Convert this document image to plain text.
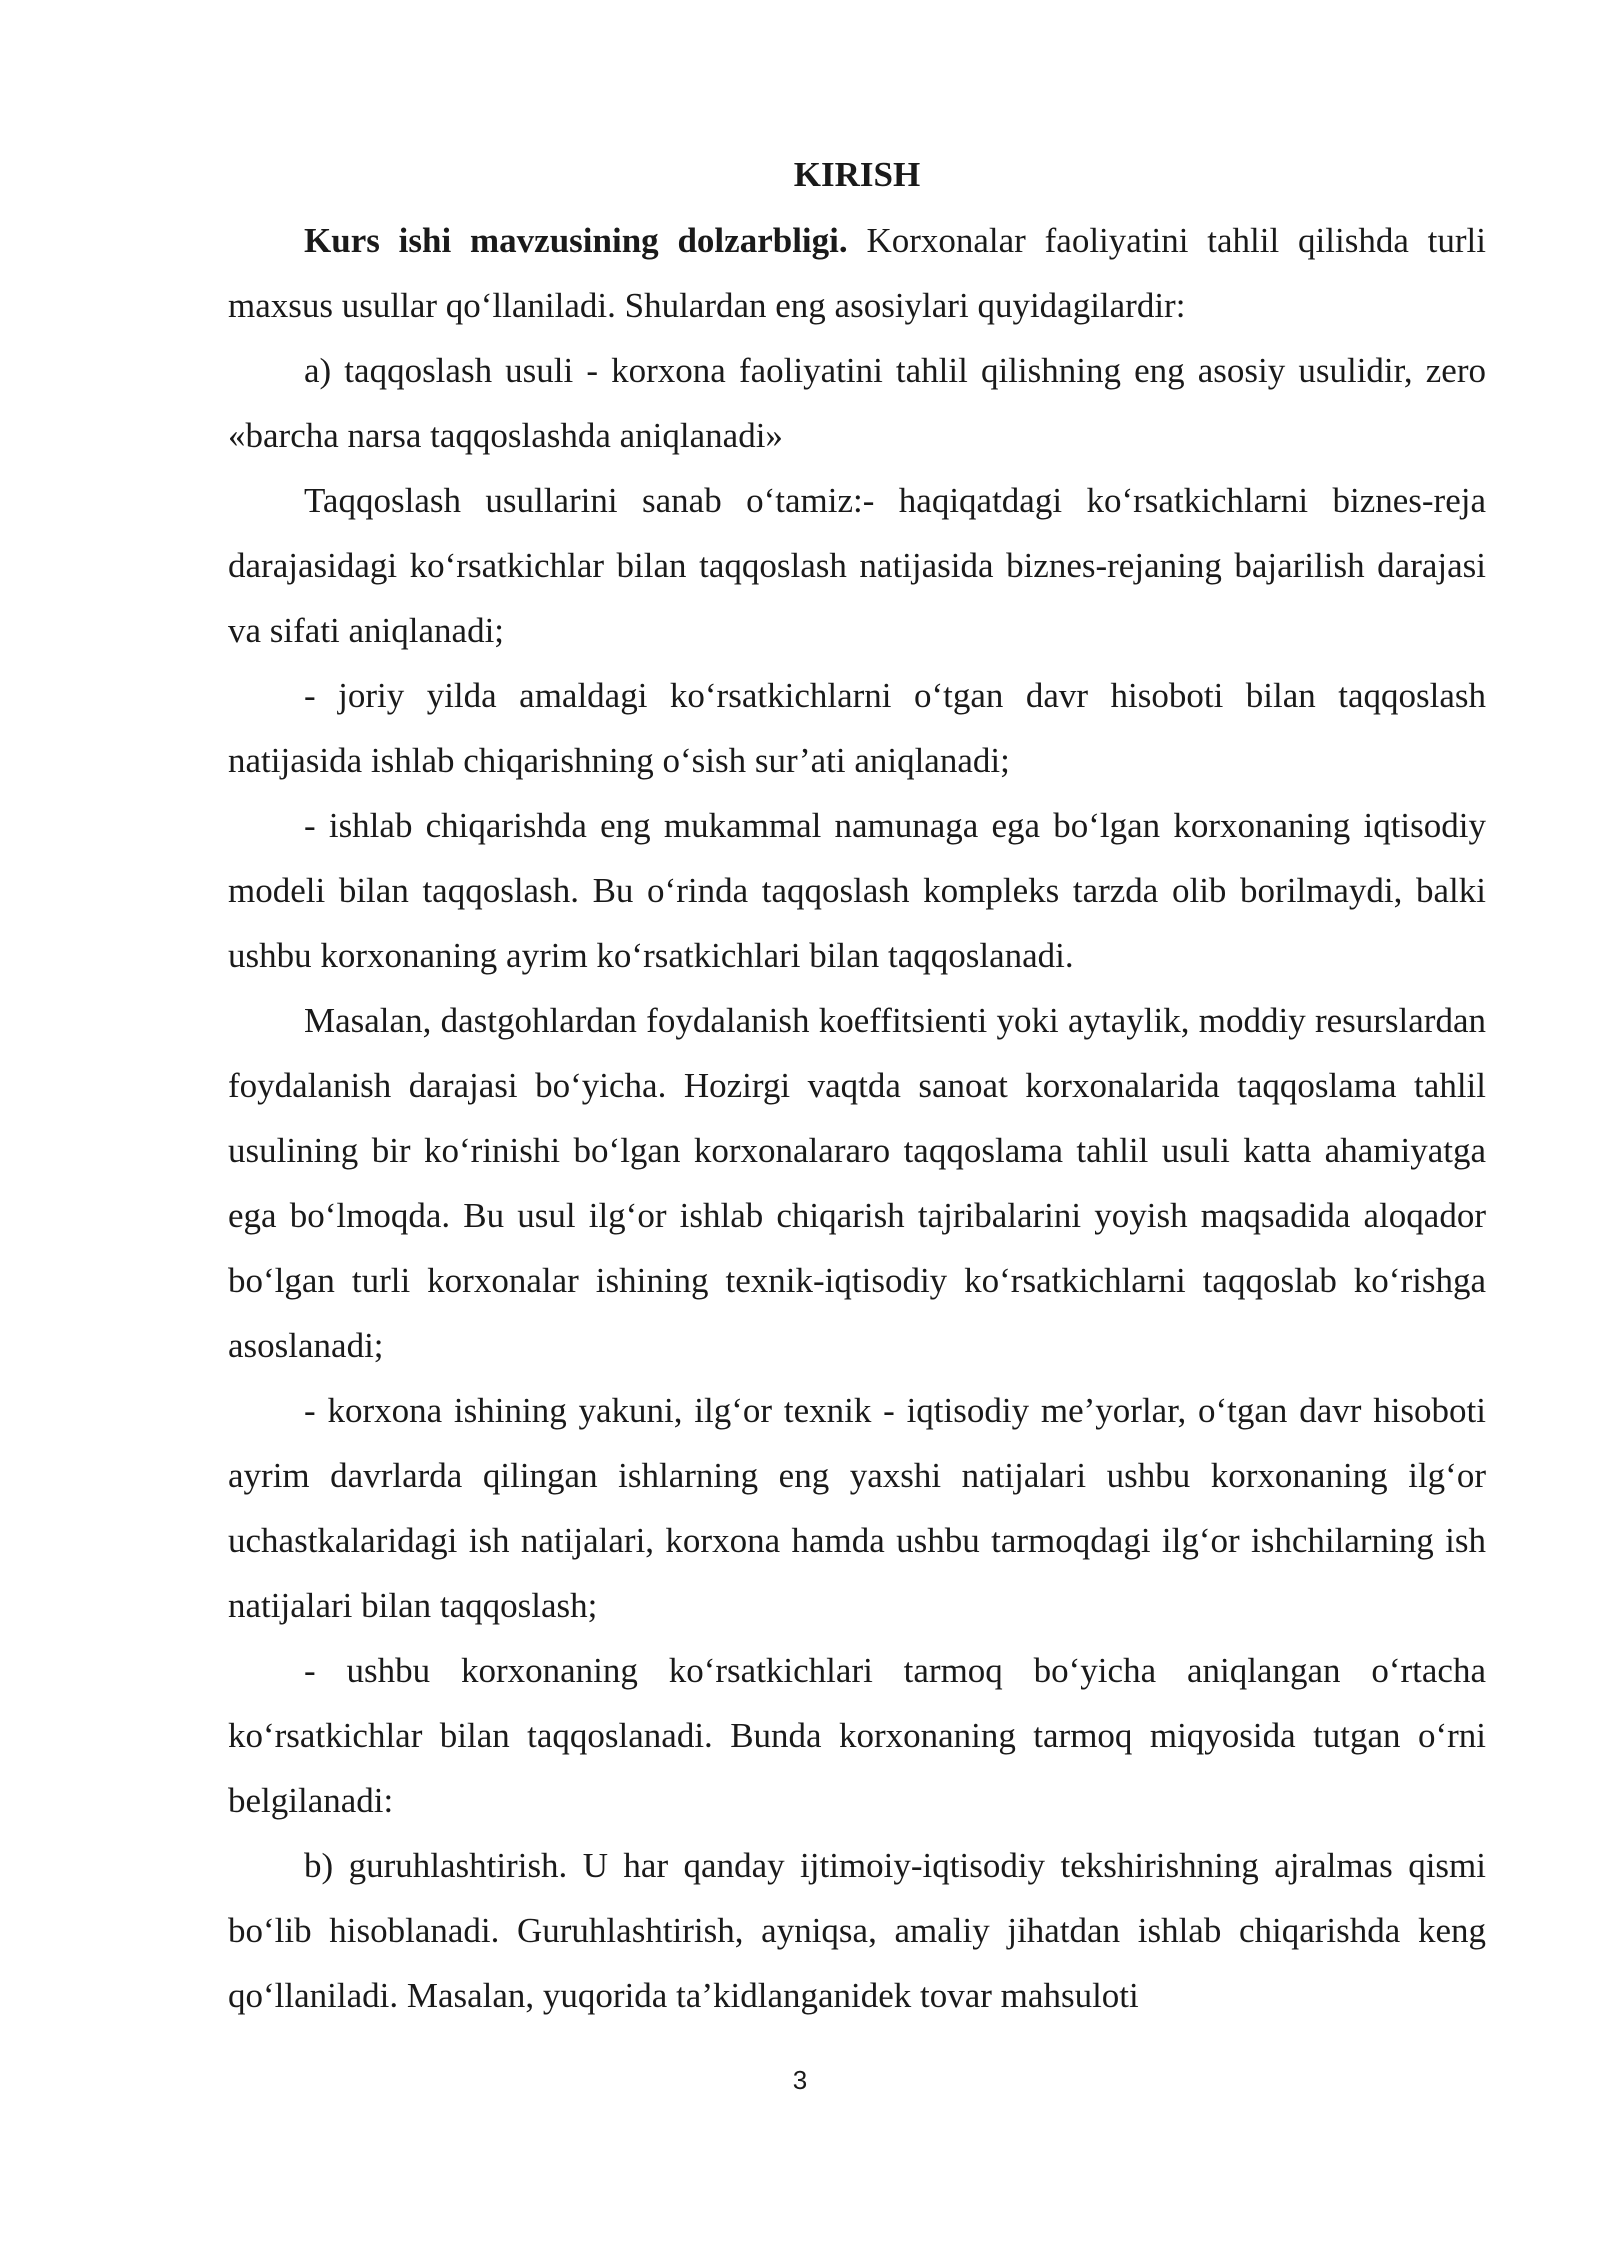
KIRISH

Kurs ishi mavzusining dolzarbligi. Korxonalar faoliyatini tahlil qilishda turli maxsus usullar qo‘llaniladi. Shulardan eng asosiylari quyidagilardir:

a) taqqoslash usuli - korxona faoliyatini tahlil qilishning eng asosiy usulidir, zero «barcha narsa taqqoslashda aniqlanadi»

Taqqoslash usullarini sanab o‘tamiz:- haqiqatdagi ko‘rsatkichlarni biznes-reja darajasidagi ko‘rsatkichlar bilan taqqoslash natijasida biznes-rejaning bajarilish darajasi va sifati aniqlanadi;

- joriy yilda amaldagi ko‘rsatkichlarni o‘tgan davr hisoboti bilan taqqoslash natijasida ishlab chiqarishning o‘sish sur’ati aniqlanadi;

- ishlab chiqarishda eng mukammal namunaga ega bo‘lgan korxonaning iqtisodiy modeli bilan taqqoslash. Bu o‘rinda taqqoslash kompleks tarzda olib borilmaydi, balki ushbu korxonaning ayrim ko‘rsatkichlari bilan taqqoslanadi.

Masalan, dastgohlardan foydalanish koeffitsienti yoki aytaylik, moddiy resurslardan foydalanish darajasi bo‘yicha. Hozirgi vaqtda sanoat korxonalarida taqqoslama tahlil usulining bir ko‘rinishi bo‘lgan korxonalararo taqqoslama tahlil usuli katta ahamiyatga ega bo‘lmoqda. Bu usul ilg‘or ishlab chiqarish tajribalarini yoyish maqsadida aloqador bo‘lgan turli korxonalar ishining texnik-iqtisodiy ko‘rsatkichlarni taqqoslab ko‘rishga asoslanadi;

- korxona ishining yakuni, ilg‘or texnik - iqtisodiy me’yorlar, o‘tgan davr hisoboti ayrim davrlarda qilingan ishlarning eng yaxshi natijalari ushbu korxonaning ilg‘or uchastkalaridagi ish natijalari, korxona hamda ushbu tarmoqdagi ilg‘or ishchilarning ish natijalari bilan taqqoslash;

- ushbu korxonaning ko‘rsatkichlari tarmoq bo‘yicha aniqlangan o‘rtacha ko‘rsatkichlar bilan taqqoslanadi. Bunda korxonaning tarmoq miqyosida tutgan o‘rni belgilanadi:

b) guruhlashtirish. U har qanday ijtimoiy-iqtisodiy tekshirishning ajralmas qismi bo‘lib hisoblanadi. Guruhlashtirish, ayniqsa, amaliy jihatdan ishlab chiqarishda keng qo‘llaniladi. Masalan, yuqorida ta’kidlanganidek tovar mahsuloti

3
